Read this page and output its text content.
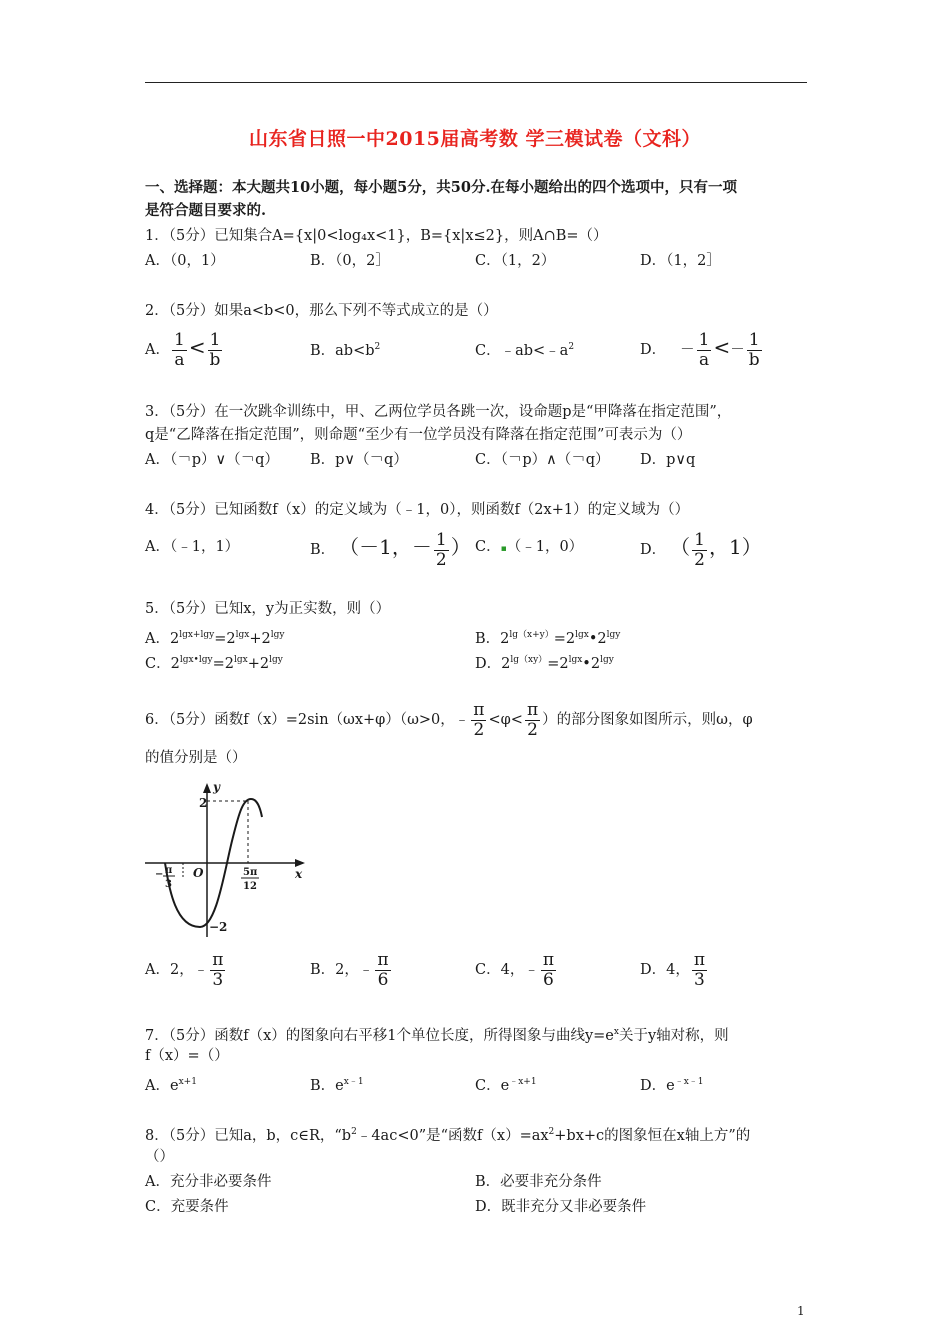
山东省日照一中2015届高考数 学三模试卷（文科）
一、选择题：本大题共10小题，每小题5分，共50分.在每小题给出的四个选项中，只有一项
是符合题目要求的.
1．（5分）已知集合A={x|0<log₄x<1}，B={x|x≤2}，则A∩B=（）
A．（0，1）	B．（0，2］	C．（1，2）	D．（1，2］
2．（5分）如果a<b<0，那么下列不等式成立的是（）
A． $\frac{1}{a} < \frac{1}{b}$	B．$ab<b^2$	C．$﹣ab<﹣a^2$	D． － $\frac{1}{a} <- \frac{1}{b}$
3．（5分）在一次跳伞训练中，甲、乙两位学员各跳一次，设命题p是“甲降落在指定范围”，
q是“乙降落在指定范围”，则命题“至少有一位学员没有降落在指定范围”可表示为（）
A．（￢p）∨（￢q） B．p∨（￢q）	C．（￢p）∧（￢q） D．p∨q
4．（5分）已知函数f（x）的定义域为（﹣1，0），则函数f（2x+1）的定义域为（）
A．（﹣1，1）	B． （－1，－ $\frac{1}{2}$ ） C．▪（﹣1，0）	D． （ $\frac{1}{2}$ ，1）
5．（5分）已知x，y为正实数，则（）
A．$2^{lgx+lgy}=2^{lgx}+2^{lgy}$	B．$2^{lg(x+y)}=2^{lgx}•2^{lgy}$
C．$2^{lgx•lgy}=2^{lgx}+2^{lgy}$	D．$2^{lg(xy)}=2^{lgx}•2^{lgy}$
6．（5分）函数f（x）=2sin（ωx+φ）（ω>0，﹣ $\frac{\pi}{2} <\varphi< \frac{\pi}{2}$ ）的部分图象如图所示，则ω，φ
的值分别是（）
y
x
O
2
−2
− π
3
5π
12
A．2，﹣ $\frac{\pi}{3}$	B．2，﹣ $\frac{\pi}{6}$	C．4，﹣ $\frac{\pi}{6}$	D．4， $\frac{\pi}{3}$
7．（5分）函数f（x）的图象向右平移1个单位长度，所得图象与曲线$y=e^x$关于y轴对称，则
f（x）=（）
A．$e^{x+1}$	B．$e^{x﹣1}$	C．$e^{﹣x+1}$	D．$e^{﹣x﹣1}$
8．（5分）已知a，b，c∈R，“$b^2﹣4ac<0$”是“函数$f(x)=ax^2+bx+c$的图象恒在x轴上方”的
（）
A．充分非必要条件	B．必要非充分条件
C．充要条件	D．既非充分又非必要条件
1
